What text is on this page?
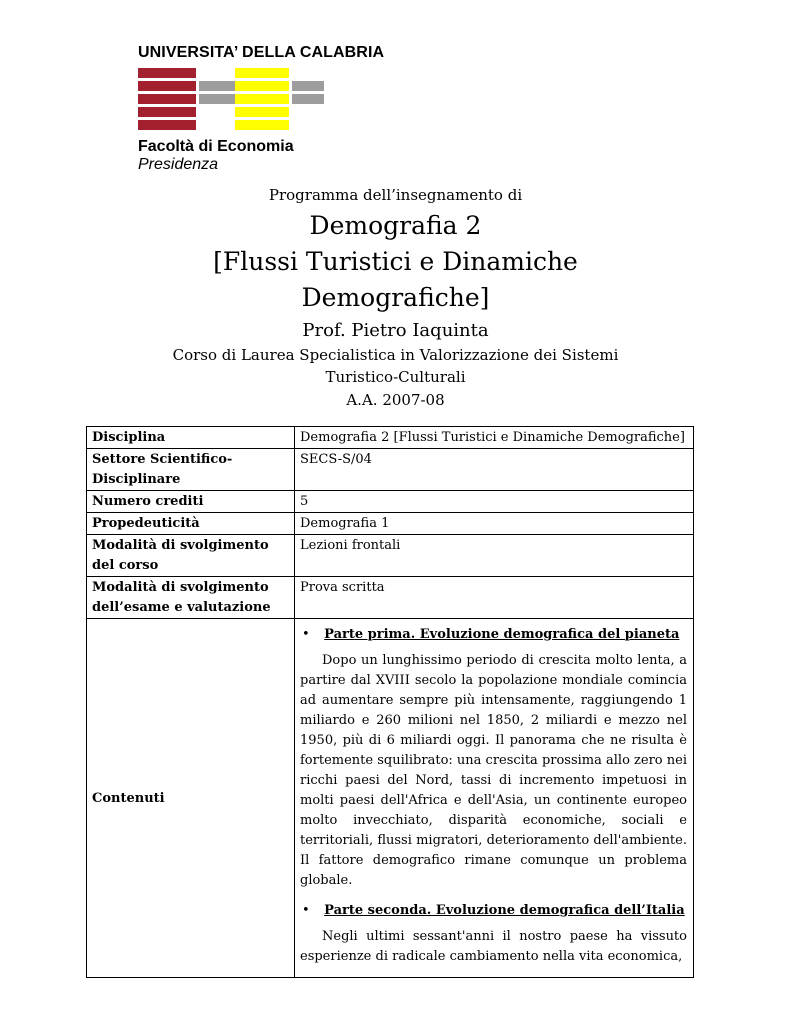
UNIVERSITA’ DELLA CALABRIA
Facoltà di Economia
Presidenza
Programma dell’insegnamento di
Demografia 2
[Flussi Turistici e Dinamiche
Demografiche]
Prof. Pietro Iaquinta
Corso di Laurea Specialistica in Valorizzazione dei Sistemi
Turistico-Culturali
A.A. 2007-08
Disciplina	Demografia 2 [Flussi Turistici e Dinamiche Demografiche]
Settore Scientifico-Disciplinare	SECS-S/04
Numero crediti	5
Propedeuticità	Demografia 1
Modalità di svolgimento del corso	Lezioni frontali
Modalità di svolgimento dell’esame e valutazione	Prova scritta
Contenuti	• Parte prima. Evoluzione demografica del pianeta
Dopo un lunghissimo periodo di crescita molto lenta, a partire dal XVIII secolo la popolazione mondiale comincia ad aumentare sempre più intensamente, raggiungendo 1 miliardo e 260 milioni nel 1850, 2 miliardi e mezzo nel 1950, più di 6 miliardi oggi. Il panorama che ne risulta è fortemente squilibrato: una crescita prossima allo zero nei ricchi paesi del Nord, tassi di incremento impetuosi in molti paesi dell'Africa e dell'Asia, un continente europeo molto invecchiato, disparità economiche, sociali e territoriali, flussi migratori, deterioramento dell'ambiente. Il fattore demografico rimane comunque un problema globale.
• Parte seconda. Evoluzione demografica dell’Italia
Negli ultimi sessant'anni il nostro paese ha vissuto esperienze di radicale cambiamento nella vita economica,
